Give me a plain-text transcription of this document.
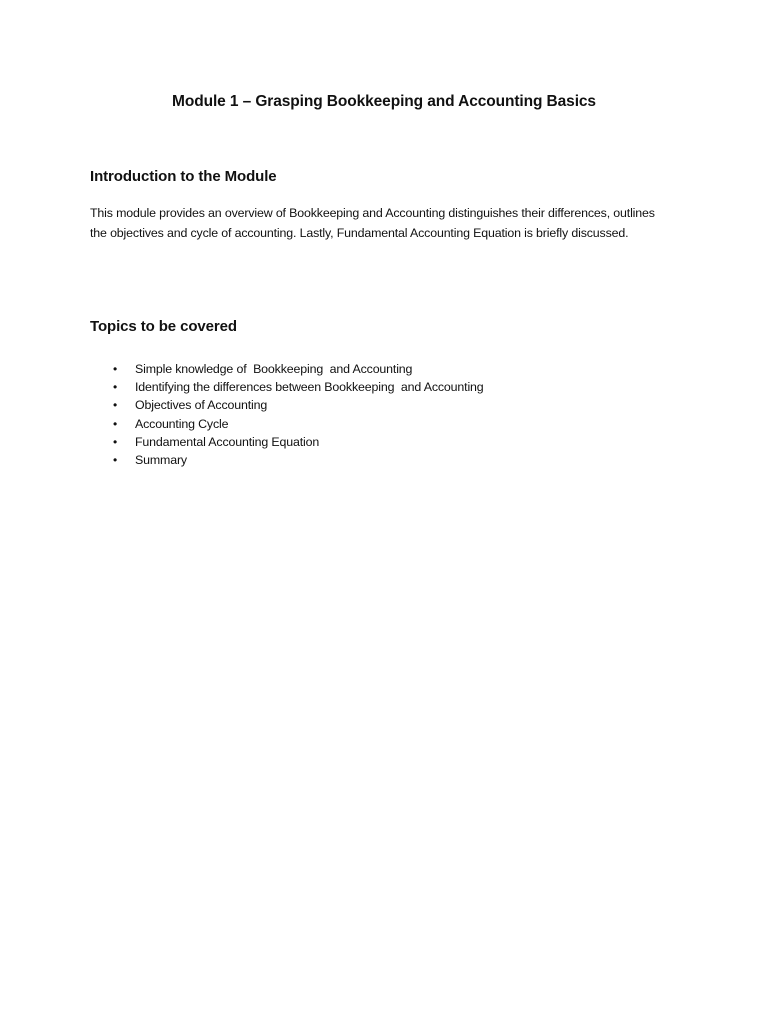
Module 1 – Grasping Bookkeeping and Accounting Basics
Introduction to the Module

This module provides an overview of Bookkeeping and Accounting distinguishes their differences, outlines the objectives and cycle of accounting. Lastly, Fundamental Accounting Equation is briefly discussed.

Topics to be covered
• Simple knowledge of  Bookkeeping  and Accounting
• Identifying the differences between Bookkeeping  and Accounting
• Objectives of Accounting
• Accounting Cycle
• Fundamental Accounting Equation
• Summary
